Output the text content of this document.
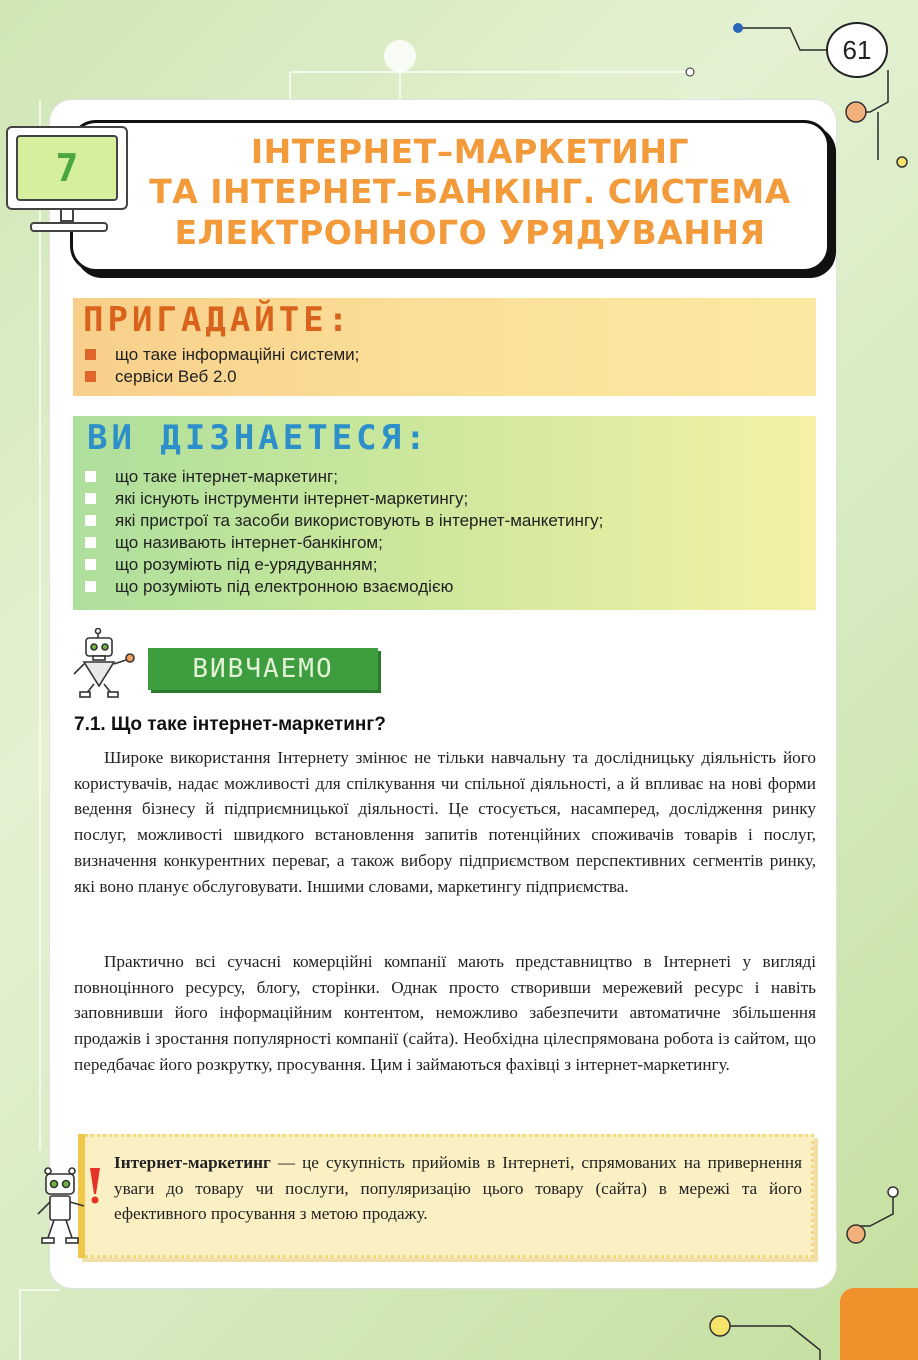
61
ІНТЕРНЕТ–МАРКЕТИНГ
ТА ІНТЕРНЕТ–БАНКІНГ. СИСТЕМА
ЕЛЕКТРОННОГО УРЯДУВАННЯ
7
ПРИГАДАЙТЕ:
що таке інформаційні системи;
сервіси Веб 2.0
ВИ ДІЗНАЕТЕСЯ:
що таке інтернет-маркетинг;
які існують інструменти інтернет-маркетингу;
які пристрої та засоби використовують в інтернет-манкетингу;
що називають інтернет-банкінгом;
що розуміють під е-урядуванням;
що розуміють під електронною взаємодією
ВИВЧАЕМО
7.1. Що таке інтернет-маркетинг?

Широке використання Інтернету змінює не тільки навчальну та дослідницьку діяльність його користувачів, надає можливості для спілкування чи спільної діяльності, а й впливає на нові форми ведення бізнесу й підприємницької діяльності. Це стосується, насамперед, дослідження ринку послуг, можливості швидкого встановлення запитів потенційних споживачів товарів і послуг, визначення конкурентних переваг, а також вибору підприємством перспективних сегментів ринку, які воно планує обслуговувати. Іншими словами, маркетингу підприємства.

Практично всі сучасні комерційні компанії мають представництво в Інтернеті у вигляді повноцінного ресурсу, блогу, сторінки. Однак просто створивши мережевий ресурс і навіть заповнивши його інформаційним контентом, неможливо забезпечити автоматичне збільшення продажів і зростання популярності компанії (сайта). Необхідна цілеспрямована робота із сайтом, що передбачає його розкрутку, просування. Цим і займаються фахівці з інтернет-маркетингу.

Інтернет-маркетинг — це сукупність прийомів в Інтернеті, спрямованих на привернення уваги до товару чи послуги, популяризацію цього товару (сайта) в мережі та його ефективного просування з метою продажу.
